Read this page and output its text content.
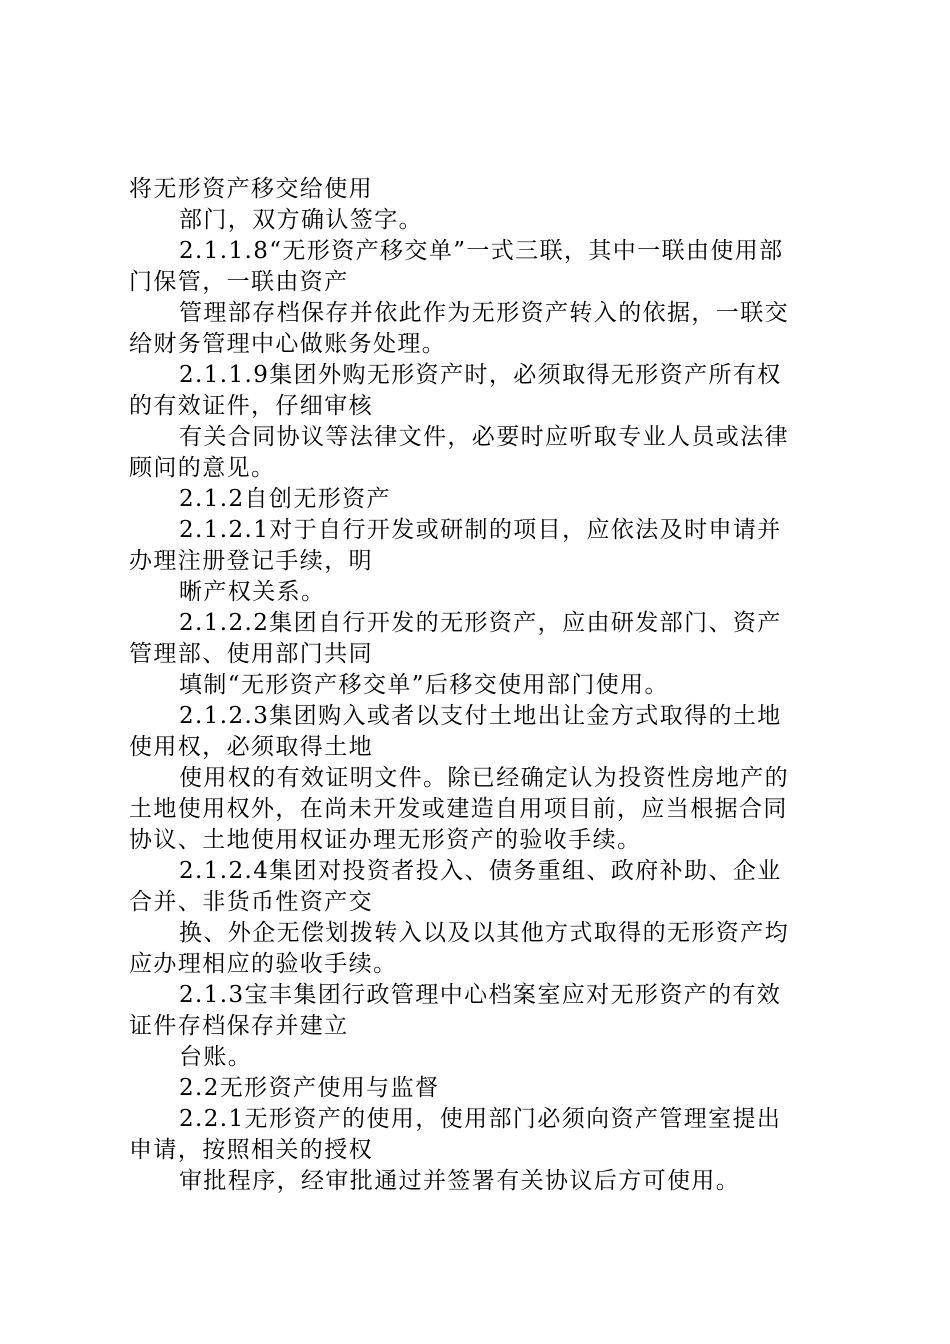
将无形资产移交给使用
部门，双方确认签字。
2.1.1.8“无形资产移交单”一式三联，其中一联由使用部
门保管，一联由资产
管理部存档保存并依此作为无形资产转入的依据，一联交
给财务管理中心做账务处理。
2.1.1.9集团外购无形资产时，必须取得无形资产所有权
的有效证件，仔细审核
有关合同协议等法律文件，必要时应听取专业人员或法律
顾问的意见。
2.1.2自创无形资产
2.1.2.1对于自行开发或研制的项目，应依法及时申请并
办理注册登记手续，明
晰产权关系。
2.1.2.2集团自行开发的无形资产，应由研发部门、资产
管理部、使用部门共同
填制“无形资产移交单”后移交使用部门使用。
2.1.2.3集团购入或者以支付土地出让金方式取得的土地
使用权，必须取得土地
使用权的有效证明文件。除已经确定认为投资性房地产的
土地使用权外，在尚未开发或建造自用项目前，应当根据合同
协议、土地使用权证办理无形资产的验收手续。
2.1.2.4集团对投资者投入、债务重组、政府补助、企业
合并、非货币性资产交
换、外企无偿划拨转入以及以其他方式取得的无形资产均
应办理相应的验收手续。
2.1.3宝丰集团行政管理中心档案室应对无形资产的有效
证件存档保存并建立
台账。
2.2无形资产使用与监督
2.2.1无形资产的使用，使用部门必须向资产管理室提出
申请，按照相关的授权
审批程序，经审批通过并签署有关协议后方可使用。
